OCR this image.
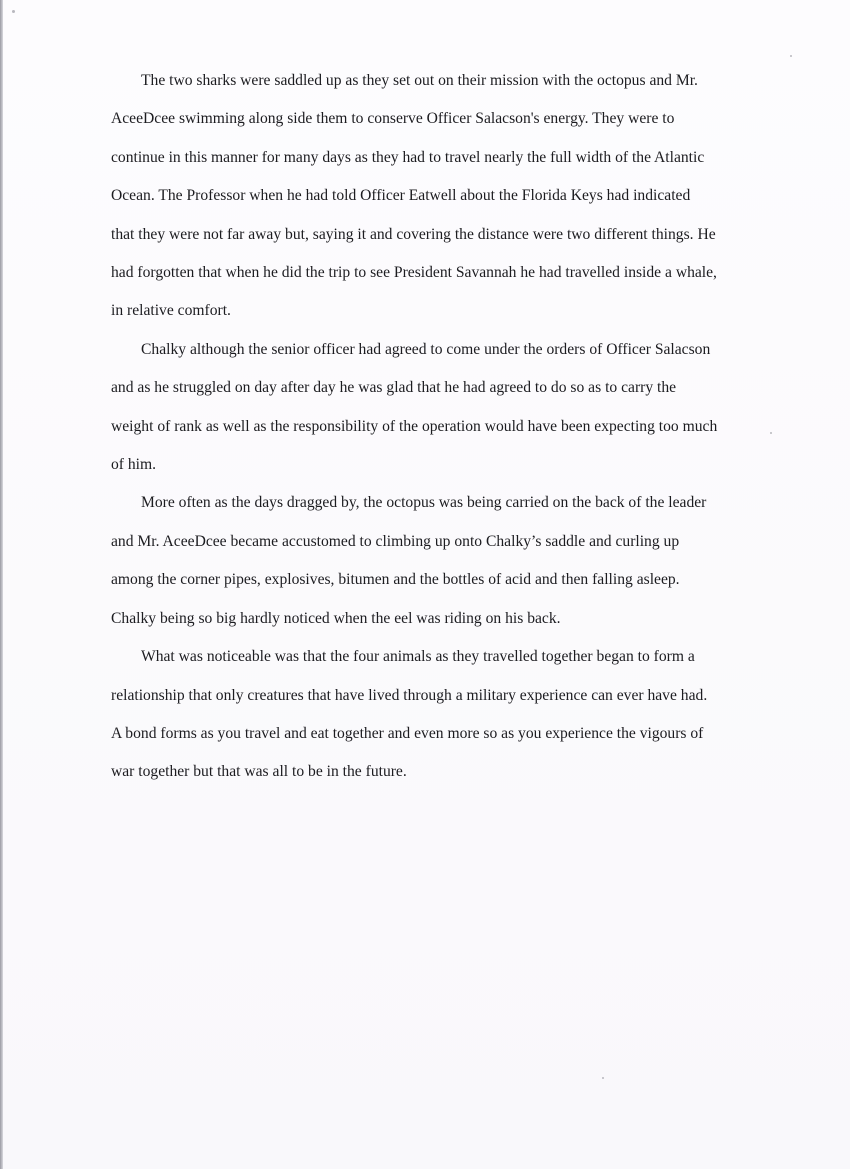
The two sharks were saddled up as they set out on their mission with the octopus and Mr.
AceeDcee swimming along side them to conserve Officer Salacson's energy. They were to
continue in this manner for many days as they had to travel nearly the full width of the Atlantic
Ocean. The Professor when he had told Officer Eatwell about the Florida Keys had indicated
that they were not far away but, saying it and covering the distance were two different things. He
had forgotten that when he did the trip to see President Savannah he had travelled inside a whale,
in relative comfort.

Chalky although the senior officer had agreed to come under the orders of Officer Salacson
and as he struggled on day after day he was glad that he had agreed to do so as to carry the
weight of rank as well as the responsibility of the operation would have been expecting too much
of him.

More often as the days dragged by, the octopus was being carried on the back of the leader
and Mr. AceeDcee became accustomed to climbing up onto Chalky’s saddle and curling up
among the corner pipes, explosives, bitumen and the bottles of acid and then falling asleep.
Chalky being so big hardly noticed when the eel was riding on his back.

What was noticeable was that the four animals as they travelled together began to form a
relationship that only creatures that have lived through a military experience can ever have had.
A bond forms as you travel and eat together and even more so as you experience the vigours of
war together but that was all to be in the future.
